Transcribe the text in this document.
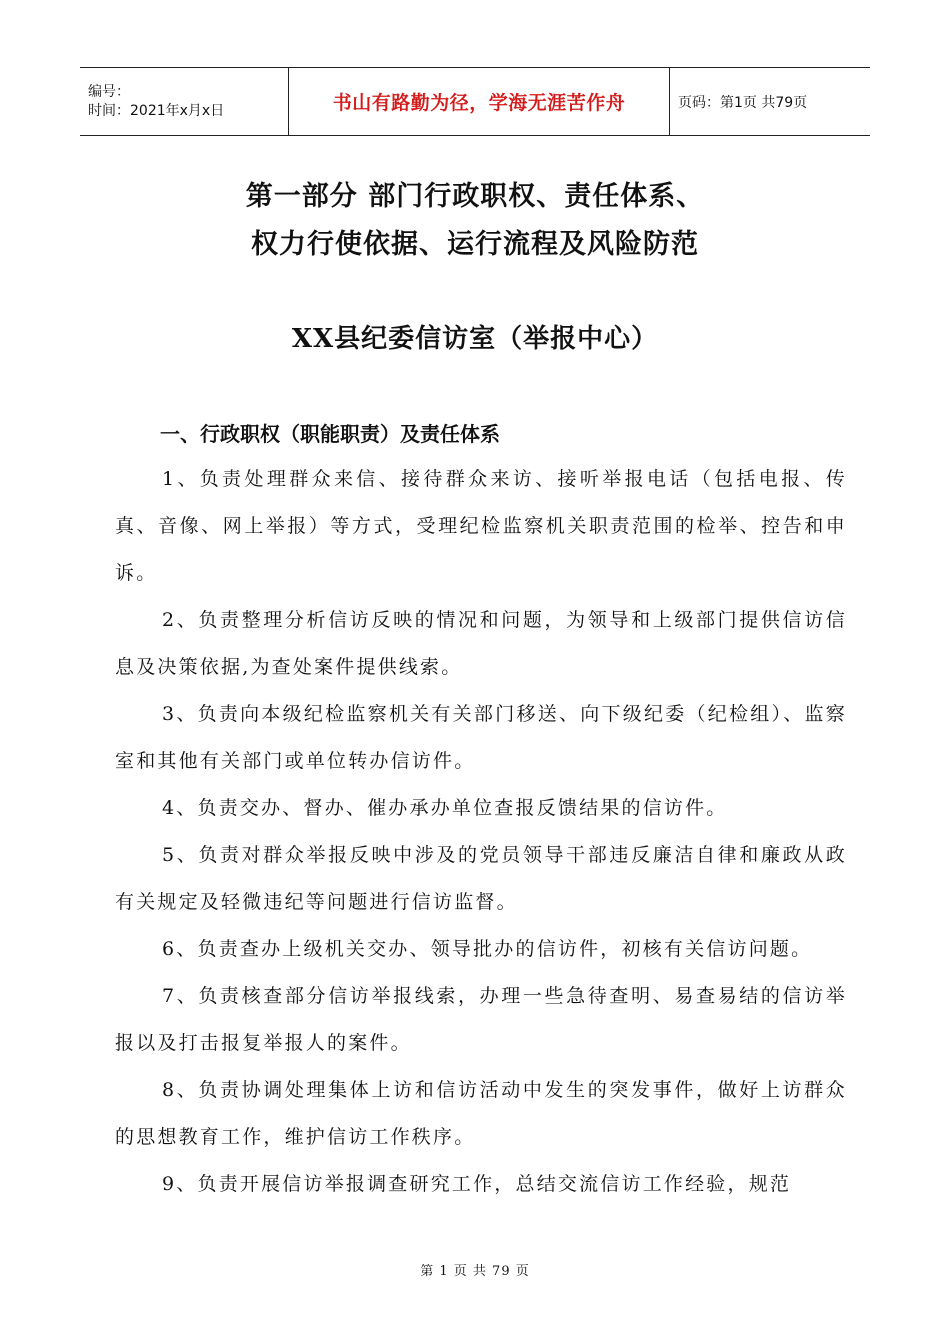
编号：
时间：2021年x月x日	书山有路勤为径，学海无涯苦作舟	页码：第1页 共79页
第一部分 部门行政职权、责任体系、
权力行使依据、运行流程及风险防范
XX县纪委信访室（举报中心）
一、行政职权（职能职责）及责任体系

1、负责处理群众来信、接待群众来访、接听举报电话（包括电报、传真、音像、网上举报）等方式，受理纪检监察机关职责范围的检举、控告和申诉。

2、负责整理分析信访反映的情况和问题，为领导和上级部门提供信访信息及决策依据,为查处案件提供线索。

3、负责向本级纪检监察机关有关部门移送、向下级纪委（纪检组）、监察室和其他有关部门或单位转办信访件。

4、负责交办、督办、催办承办单位查报反馈结果的信访件。

5、负责对群众举报反映中涉及的党员领导干部违反廉洁自律和廉政从政有关规定及轻微违纪等问题进行信访监督。

6、负责查办上级机关交办、领导批办的信访件，初核有关信访问题。

7、负责核查部分信访举报线索，办理一些急待查明、易查易结的信访举报以及打击报复举报人的案件。

8、负责协调处理集体上访和信访活动中发生的突发事件，做好上访群众的思想教育工作，维护信访工作秩序。

9、负责开展信访举报调查研究工作，总结交流信访工作经验，规范

第 1 页 共 79 页
